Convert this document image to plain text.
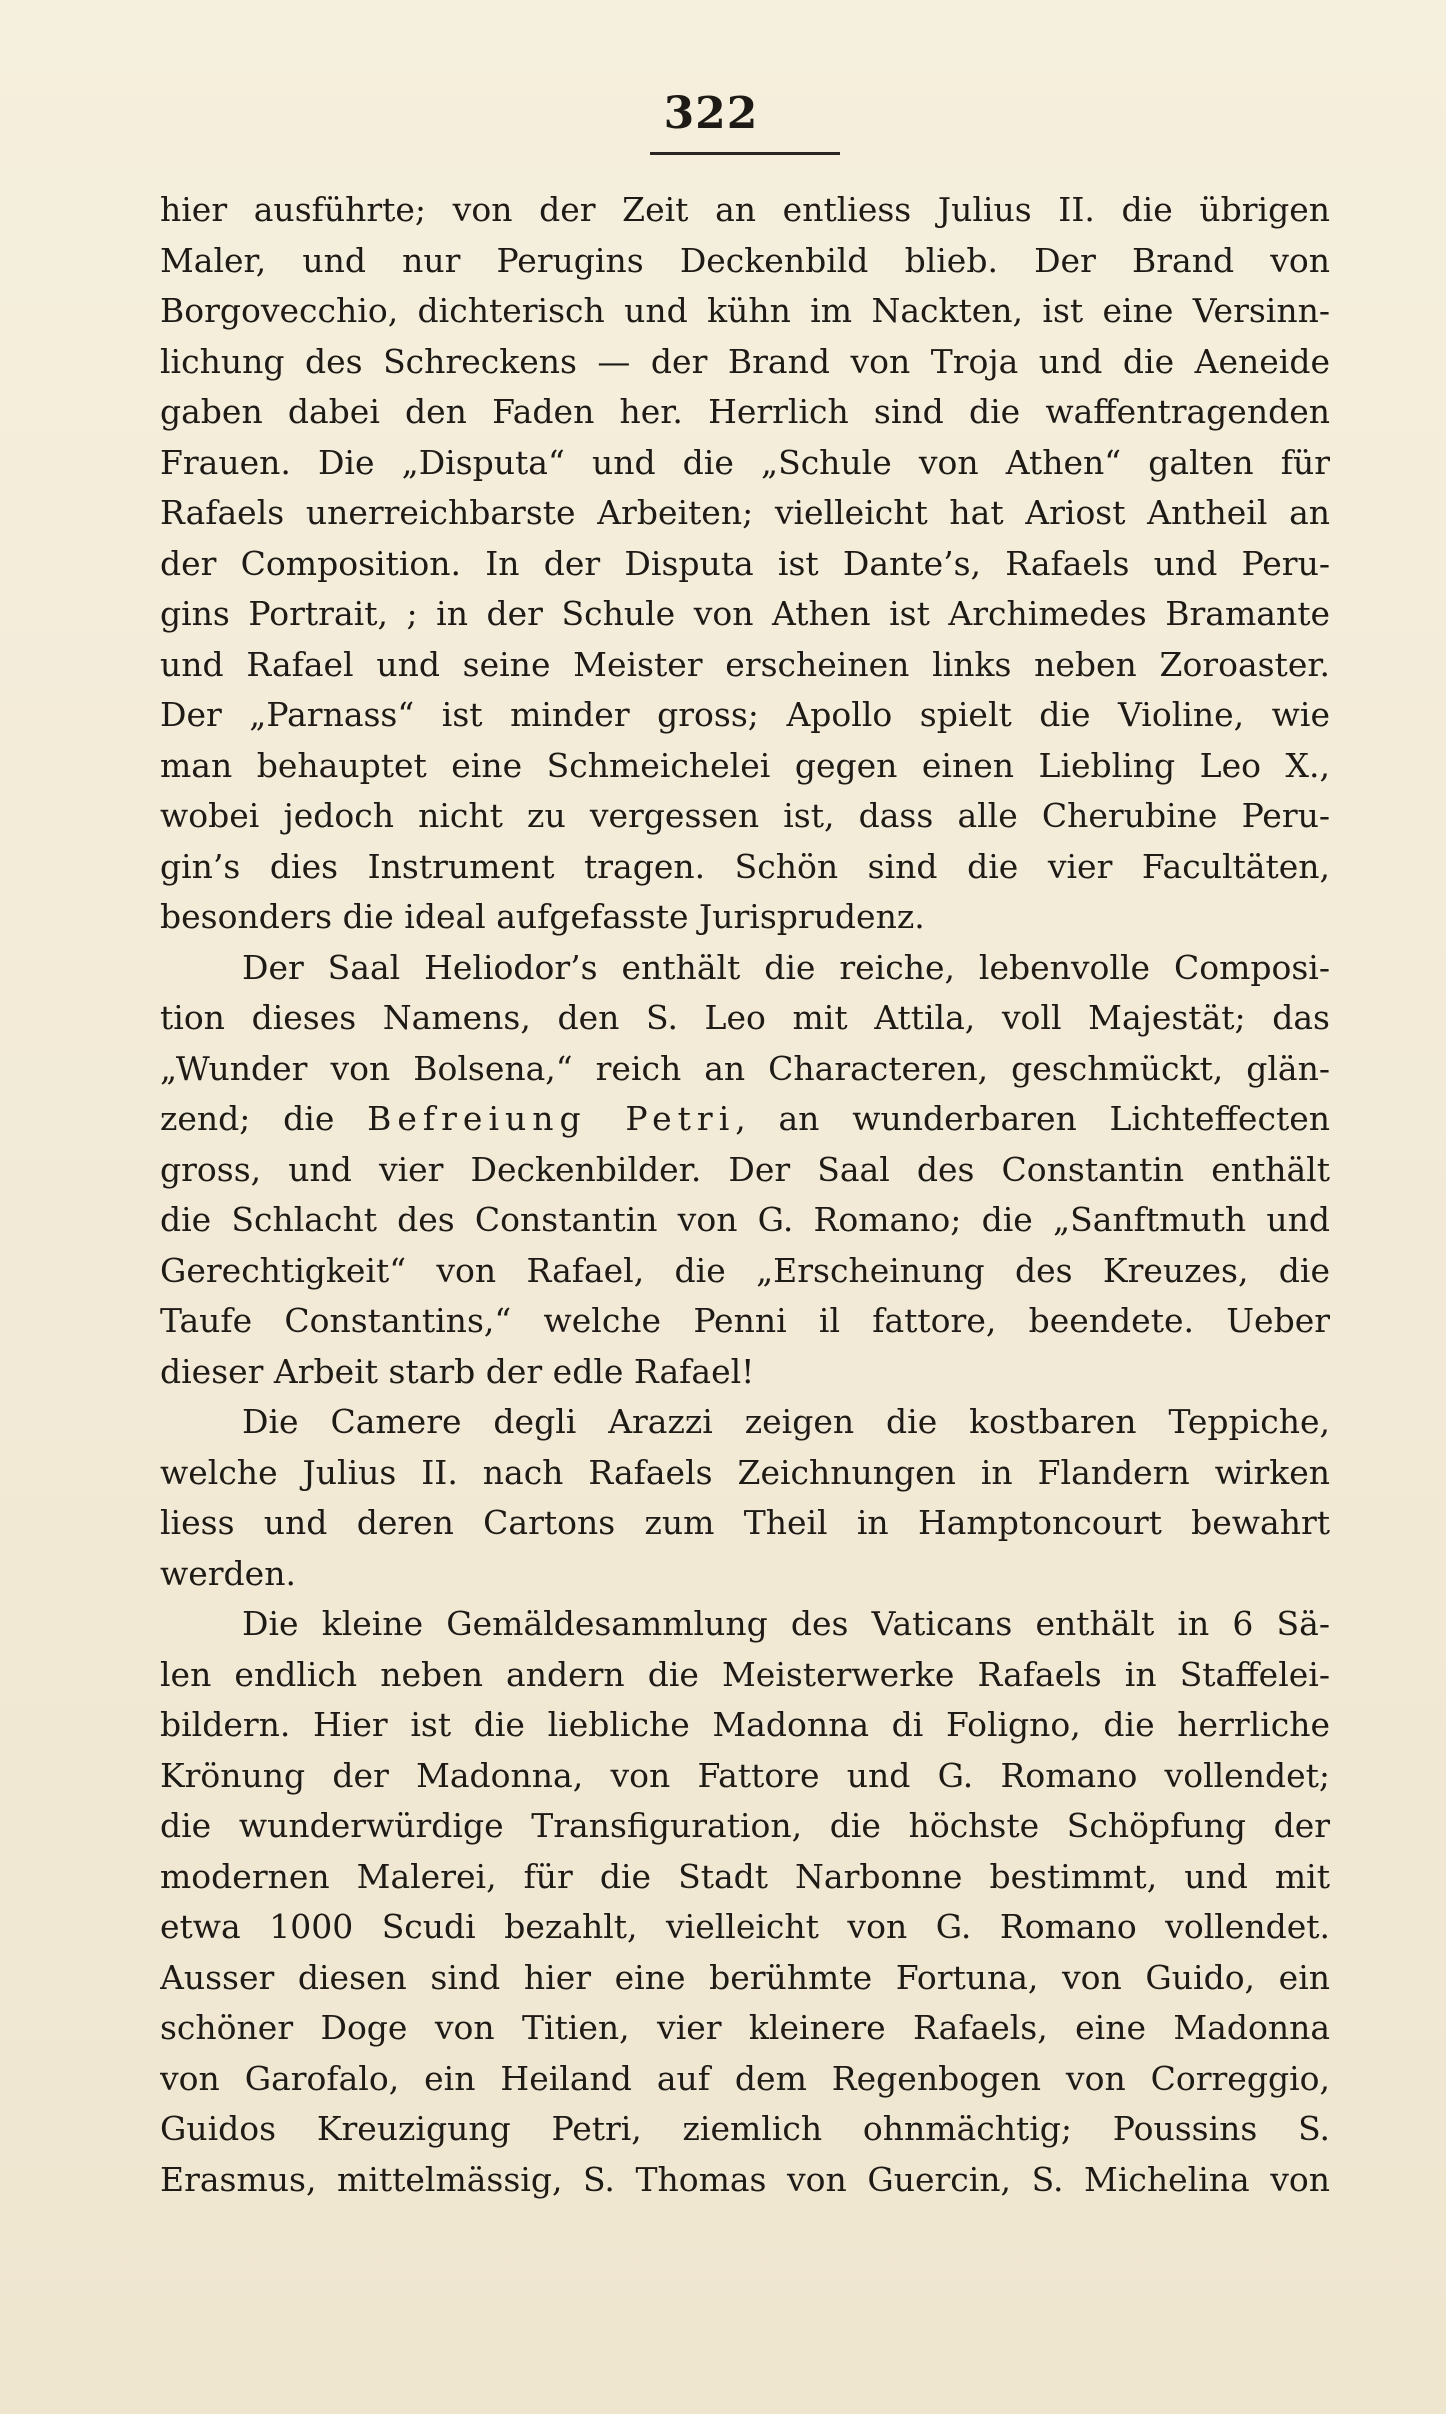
322
hier ausführte; von der Zeit an entliess Julius II. die übrigen
Maler, und nur Perugins Deckenbild blieb. Der Brand von
Borgovecchio, dichterisch und kühn im Nackten, ist eine Versinn-
lichung des Schreckens — der Brand von Troja und die Aeneide
gaben dabei den Faden her. Herrlich sind die waffentragenden
Frauen. Die „Disputa“ und die „Schule von Athen“ galten für
Rafaels unerreichbarste Arbeiten; vielleicht hat Ariost Antheil an
der Composition. In der Disputa ist Dante’s, Rafaels und Peru-
gins Portrait, ; in der Schule von Athen ist Archimedes Bramante
und Rafael und seine Meister erscheinen links neben Zoroaster.
Der „Parnass“ ist minder gross; Apollo spielt die Violine, wie
man behauptet eine Schmeichelei gegen einen Liebling Leo X.,
wobei jedoch nicht zu vergessen ist, dass alle Cherubine Peru-
gin’s dies Instrument tragen. Schön sind die vier Facultäten,
besonders die ideal aufgefasste Jurisprudenz.
Der Saal Heliodor’s enthält die reiche, lebenvolle Composi-
tion dieses Namens, den S. Leo mit Attila, voll Majestät; das
„Wunder von Bolsena,“ reich an Characteren, geschmückt, glän-
zend; die Befreiung Petri, an wunderbaren Lichteffecten
gross, und vier Deckenbilder. Der Saal des Constantin enthält
die Schlacht des Constantin von G. Romano; die „Sanftmuth und
Gerechtigkeit“ von Rafael, die „Erscheinung des Kreuzes, die
Taufe Constantins,“ welche Penni il fattore, beendete. Ueber
dieser Arbeit starb der edle Rafael!
Die Camere degli Arazzi zeigen die kostbaren Teppiche,
welche Julius II. nach Rafaels Zeichnungen in Flandern wirken
liess und deren Cartons zum Theil in Hamptoncourt bewahrt
werden.
Die kleine Gemäldesammlung des Vaticans enthält in 6 Sä-
len endlich neben andern die Meisterwerke Rafaels in Staffelei-
bildern. Hier ist die liebliche Madonna di Foligno, die herrliche
Krönung der Madonna, von Fattore und G. Romano vollendet;
die wunderwürdige Transfiguration, die höchste Schöpfung der
modernen Malerei, für die Stadt Narbonne bestimmt, und mit
etwa 1000 Scudi bezahlt, vielleicht von G. Romano vollendet.
Ausser diesen sind hier eine berühmte Fortuna, von Guido, ein
schöner Doge von Titien, vier kleinere Rafaels, eine Madonna
von Garofalo, ein Heiland auf dem Regenbogen von Correggio,
Guidos Kreuzigung Petri, ziemlich ohnmächtig; Poussins S.
Erasmus, mittelmässig, S. Thomas von Guercin, S. Michelina von
